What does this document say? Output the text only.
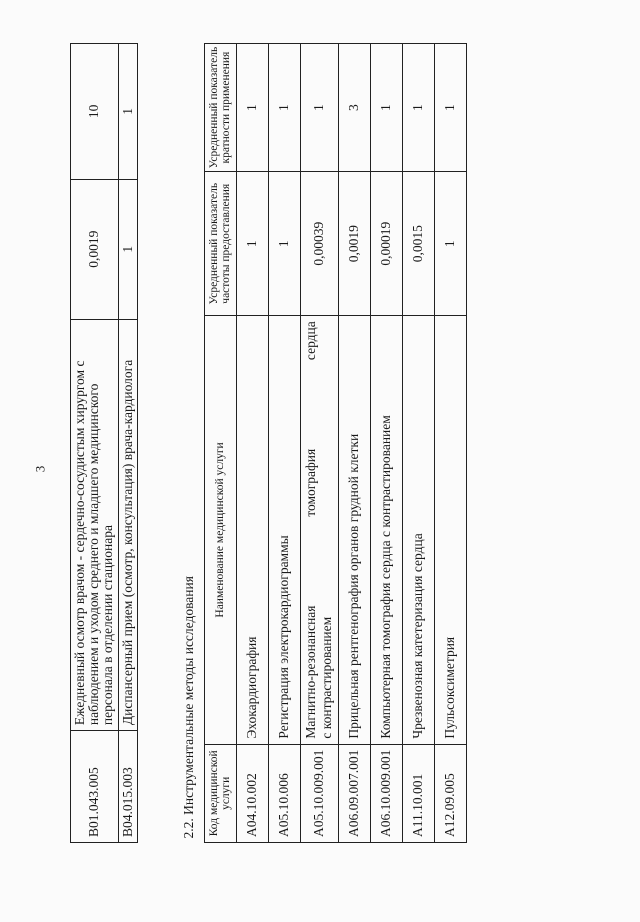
3
B01.043.005	Ежедневный осмотр врачом - сердечно-сосудистым хирургом с наблюдением и уходом среднего и младшего медицинского персонала в отделении стационара	0,0019	10
B04.015.003	Диспансерный прием (осмотр, консультация) врача-кардиолога	1	1
2.2. Инструментальные методы исследования			
Код медицинской услуги	Наименование медицинской услуги	Усредненный показатель частоты предоставления	Усредненный показатель кратности применения
A04.10.002	Эхокардиография	1	1
A05.10.006	Регистрация электрокардиограммы	1	1
A05.10.009.001	Магнитно-резонансная
томография
сердца
с контрастированием	0,00039	1
A06.09.007.001	Прицельная рентгенография органов грудной клетки	0,0019	3
A06.10.009.001	Компьютерная томография сердца с контрастированием	0,00019	1
A11.10.001	Чрезвенозная катетеризация сердца	0,0015	1
A12.09.005	Пульсоксиметрия	1	1
